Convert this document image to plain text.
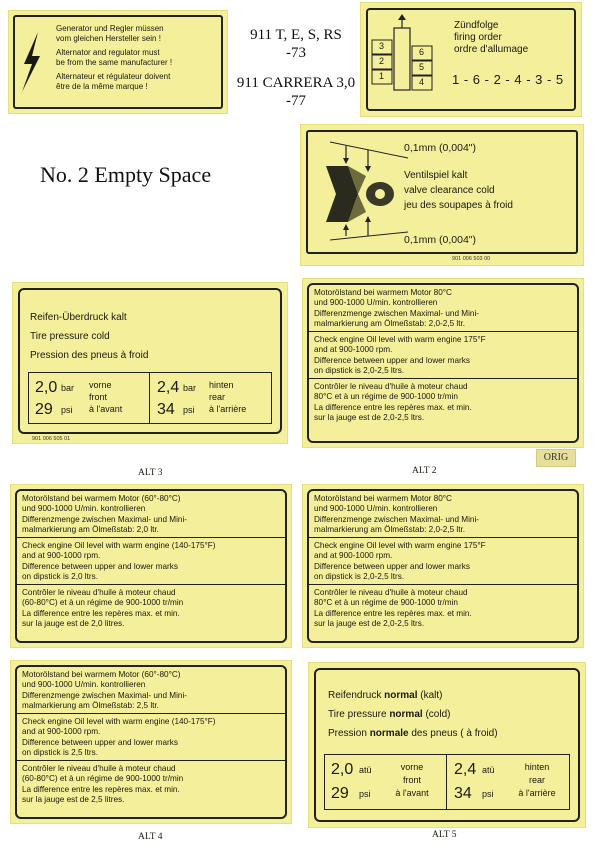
Generator und Regler müssen
vom gleichen Hersteller sein !
Alternator and regulator must
be from the same manufacturer !
Alternateur et régulateur doivent
être de la même marque !
911 T, E, S, RS
-73
911 CARRERA 3,0
-77
3
2
1
6
5
4
Zündfolge
firing order
ordre d'allumage
1 - 6 - 2 - 4 - 3 - 5
No. 2 Empty Space
0,1mm (0,004")
Ventilspiel kalt
valve clearance cold
jeu des soupapes à froid
0,1mm (0,004")
901 006 503 00
Reifen-Überdruck kalt
Tire pressure cold
Pression des pneus à froid
2,0 bar
29 psi
vorne
front
à l'avant
2,4 bar
34 psi
hinten
rear
à l'arrière
901 006 505 01
ALT 3
Motorölstand bei warmem Motor 80°C
und 900-1000 U/min. kontrollieren
Differenzmenge zwischen Maximal- und Mini-
malmarkierung am Ölmeßstab: 2,0-2,5 ltr.
Check engine Oil level with warm engine 175°F
and at 900-1000 rpm.
Difference between upper and lower marks
on dipstick is 2,0-2,5 ltrs.
Contrôler le niveau d'huile à moteur chaud
80°C et à un régime de 900-1000 tr/min
La difference entre les repères max. et min.
sur la jauge est de 2,0-2,5 ltrs.
ALT 2
ORIG
Motorölstand bei warmem Motor (60°-80°C)
und 900-1000 U/min. kontrollieren
Differenzmenge zwischen Maximal- und Mini-
malmarkierung am Ölmeßstab: 2,0 ltr.
Check engine Oil level with warm engine (140-175°F)
and at 900-1000 rpm.
Difference between upper and lower marks
on dipstick is 2,0 ltrs.
Contrôler le niveau d'huile à moteur chaud
(60-80°C) et à un régime de 900-1000 tr/min
La difference entre les repères max. et min.
sur la jauge est de 2,0 litres.
Motorölstand bei warmem Motor 80°C
und 900-1000 U/min. kontrollieren
Differenzmenge zwischen Maximal- und Mini-
malmarkierung am Ölmeßstab: 2,0-2,5 ltr.
Check engine Oil level with warm engine 175°F
and at 900-1000 rpm.
Difference between upper and lower marks
on dipstick is 2,0-2,5 ltrs.
Contrôler le niveau d'huile à moteur chaud
80°C et à un régime de 900-1000 tr/min
La difference entre les repères max. et min.
sur la jauge est de 2,0-2,5 ltrs.
Motorölstand bei warmem Motor (60°-80°C)
und 900-1000 U/min. kontrollieren
Differenzmenge zwischen Maximal- und Mini-
malmarkierung am Ölmeßstab: 2,5 ltr.
Check engine Oil level with warm engine (140-175°F)
and at 900-1000 rpm.
Difference between upper and lower marks
on dipstick is 2,5 ltrs.
Contrôler le niveau d'huile à moteur chaud
(60-80°C) et à un régime de 900-1000 tr/min
La difference entre les repères max. et min.
sur la jauge est de 2,5 litres.
ALT 4
Reifendruck normal (kalt)
Tire pressure normal (cold)
Pression normale des pneus ( à froid)
2,0 atü
29 psi
vorne
front
à l'avant
2,4 atü
34 psi
hinten
rear
à l'arrière
ALT 5
